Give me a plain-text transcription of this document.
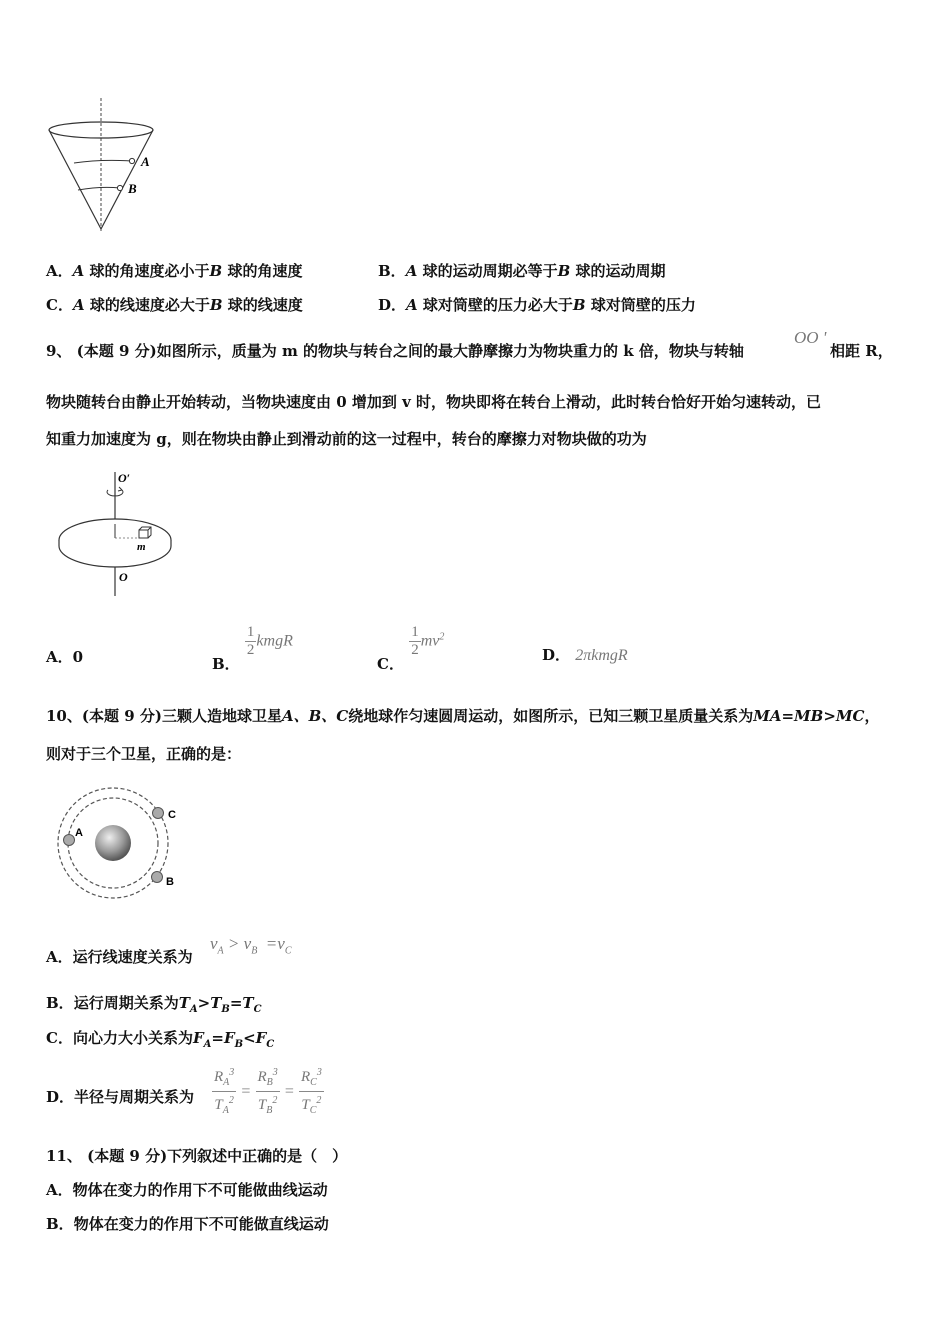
A
B
A．A 球的角速度必小于B 球的角速度	B．A 球的运动周期必等于B 球的运动周期
C．A 球的线速度必大于B 球的线速度	D．A 球对筒壁的压力必大于B 球对筒壁的压力
9、 (本题 9 分)如图所示，质量为 m 的物块与转台之间的最大静摩擦力为物块重力的 k 倍，物块与转轴
OO '
相距 R，
物块随转台由静止开始转动，当物块速度由 0 增加到 v 时，物块即将在转台上滑动，此时转台恰好开始匀速转动，已
知重力加速度为 g，则在物块由静止到滑动前的这一过程中，转台的摩擦力对物块做的功为
O′
m
O
A．0	B．
$\frac{1}{2}$ kmgR
C．
$\frac{1}{2} mv^2$
D． 2πkmgR
10、(本题 9 分)三颗人造地球卫星A、B、C绕地球作匀速圆周运动，如图所示，已知三颗卫星质量关系为MA=MB>MC，
则对于三个卫星，正确的是：
A
C
B
A．运行线速度关系为
$v_A > v_B =v_C$
B．运行周期关系为$T_A>T_B=T_C$
C．向心力大小关系为$F_A=F_B<F_C$
D．半径与周期关系为 $\frac{R_A^3}{T_A^2} = \frac{R_B^3}{T_B^2} = \frac{R_C^3}{T_C^2}$
11、 (本题 9 分)下列叙述中正确的是（　）
A．物体在变力的作用下不可能做曲线运动
B．物体在变力的作用下不可能做直线运动
